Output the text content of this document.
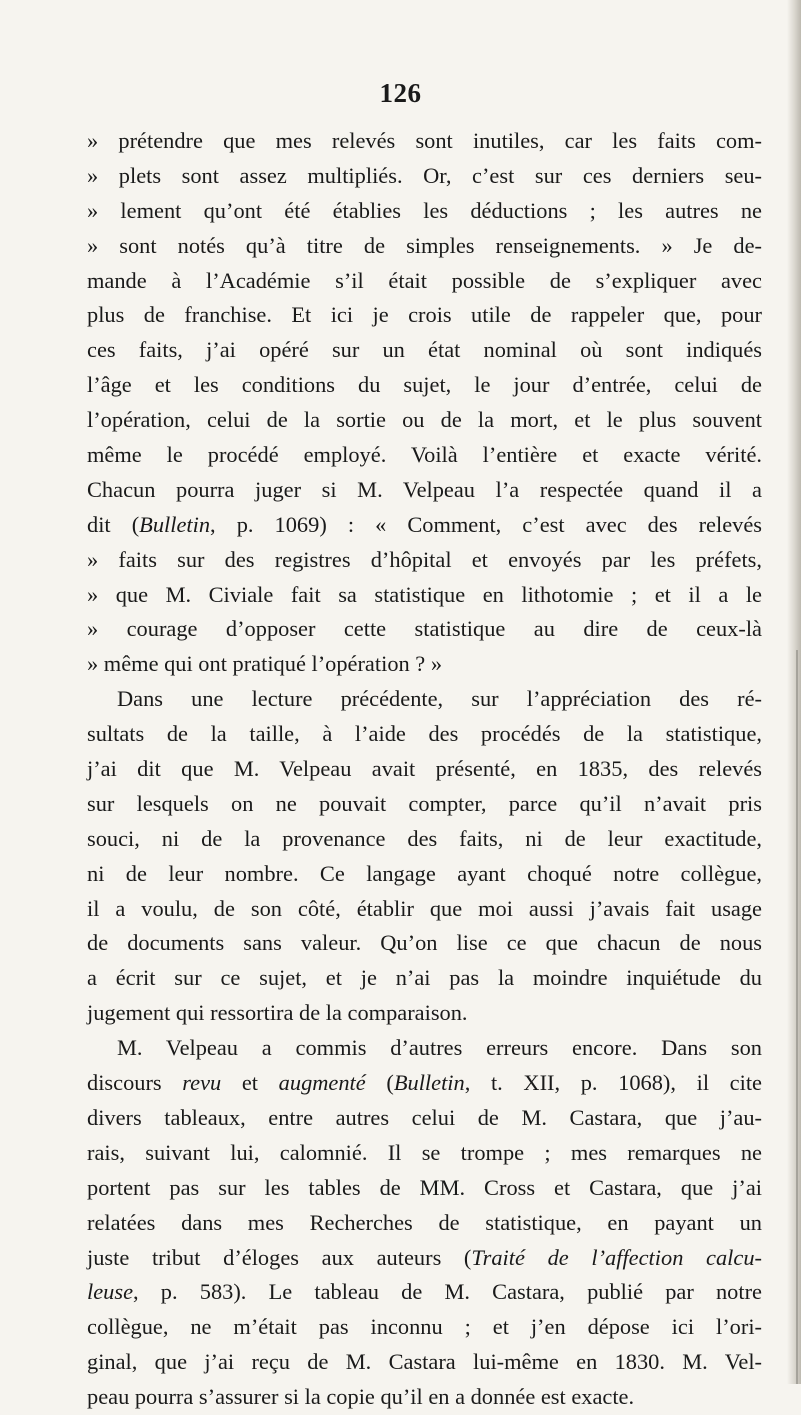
126
» prétendre que mes relevés sont inutiles, car les faits com-
» plets sont assez multipliés. Or, c’est sur ces derniers seu-
» lement qu’ont été établies les déductions ; les autres ne
» sont notés qu’à titre de simples renseignements. » Je de-
mande à l’Académie s’il était possible de s’expliquer avec
plus de franchise. Et ici je crois utile de rappeler que, pour
ces faits, j’ai opéré sur un état nominal où sont indiqués
l’âge et les conditions du sujet, le jour d’entrée, celui de
l’opération, celui de la sortie ou de la mort, et le plus souvent
même le procédé employé. Voilà l’entière et exacte vérité.
Chacun pourra juger si M. Velpeau l’a respectée quand il a
dit (Bulletin, p. 1069) : « Comment, c’est avec des relevés
» faits sur des registres d’hôpital et envoyés par les préfets,
» que M. Civiale fait sa statistique en lithotomie ; et il a le
» courage d’opposer cette statistique au dire de ceux-là
» même qui ont pratiqué l’opération ? »
Dans une lecture précédente, sur l’appréciation des ré-
sultats de la taille, à l’aide des procédés de la statistique,
j’ai dit que M. Velpeau avait présenté, en 1835, des relevés
sur lesquels on ne pouvait compter, parce qu’il n’avait pris
souci, ni de la provenance des faits, ni de leur exactitude,
ni de leur nombre. Ce langage ayant choqué notre collègue,
il a voulu, de son côté, établir que moi aussi j’avais fait usage
de documents sans valeur. Qu’on lise ce que chacun de nous
a écrit sur ce sujet, et je n’ai pas la moindre inquiétude du
jugement qui ressortira de la comparaison.
M. Velpeau a commis d’autres erreurs encore. Dans son
discours revu et augmenté (Bulletin, t. XII, p. 1068), il cite
divers tableaux, entre autres celui de M. Castara, que j’au-
rais, suivant lui, calomnié. Il se trompe ; mes remarques ne
portent pas sur les tables de MM. Cross et Castara, que j’ai
relatées dans mes Recherches de statistique, en payant un
juste tribut d’éloges aux auteurs (Traité de l’affection calcu-
leuse, p. 583). Le tableau de M. Castara, publié par notre
collègue, ne m’était pas inconnu ; et j’en dépose ici l’ori-
ginal, que j’ai reçu de M. Castara lui-même en 1830. M. Vel-
peau pourra s’assurer si la copie qu’il en a donnée est exacte.
